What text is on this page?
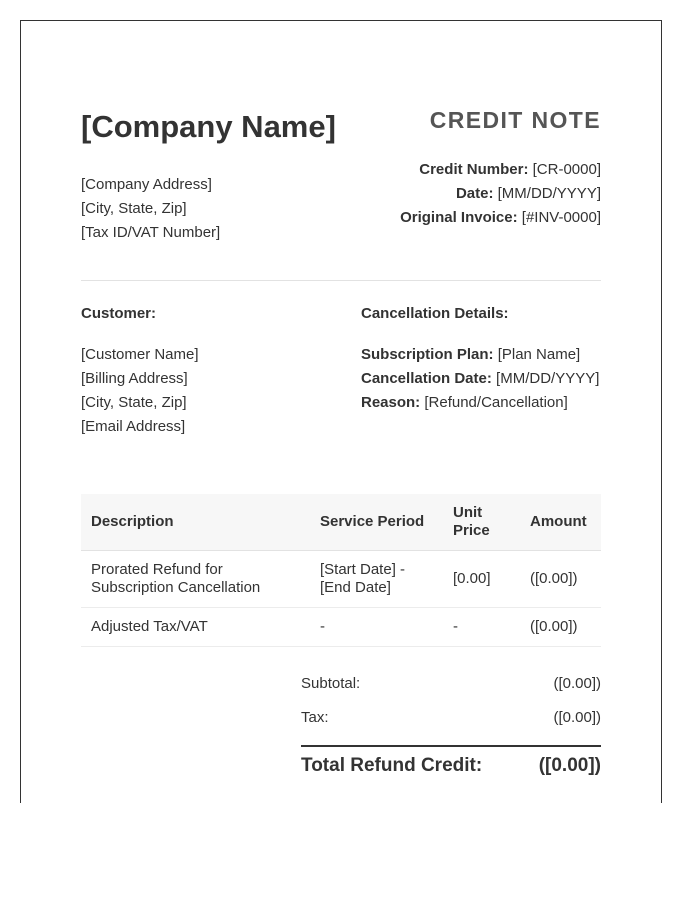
[Company Name]	CREDIT NOTE
[Company Address]
[City, State, Zip]
[Tax ID/VAT Number]
Credit Number: [CR-0000]
Date: [MM/DD/YYYY]
Original Invoice: [#INV-0000]
Customer:	Cancellation Details:
[Customer Name]
[Billing Address]
[City, State, Zip]
[Email Address]
Subscription Plan: [Plan Name]
Cancellation Date: [MM/DD/YYYY]
Reason: [Refund/Cancellation]
Description	Service Period	Unit Price	Amount
Prorated Refund for Subscription Cancellation	[Start Date] - [End Date]	[0.00]	([0.00])
Adjusted Tax/VAT	-	-	([0.00])
Subtotal:	([0.00])
Tax:	([0.00])
Total Refund Credit:	([0.00])
